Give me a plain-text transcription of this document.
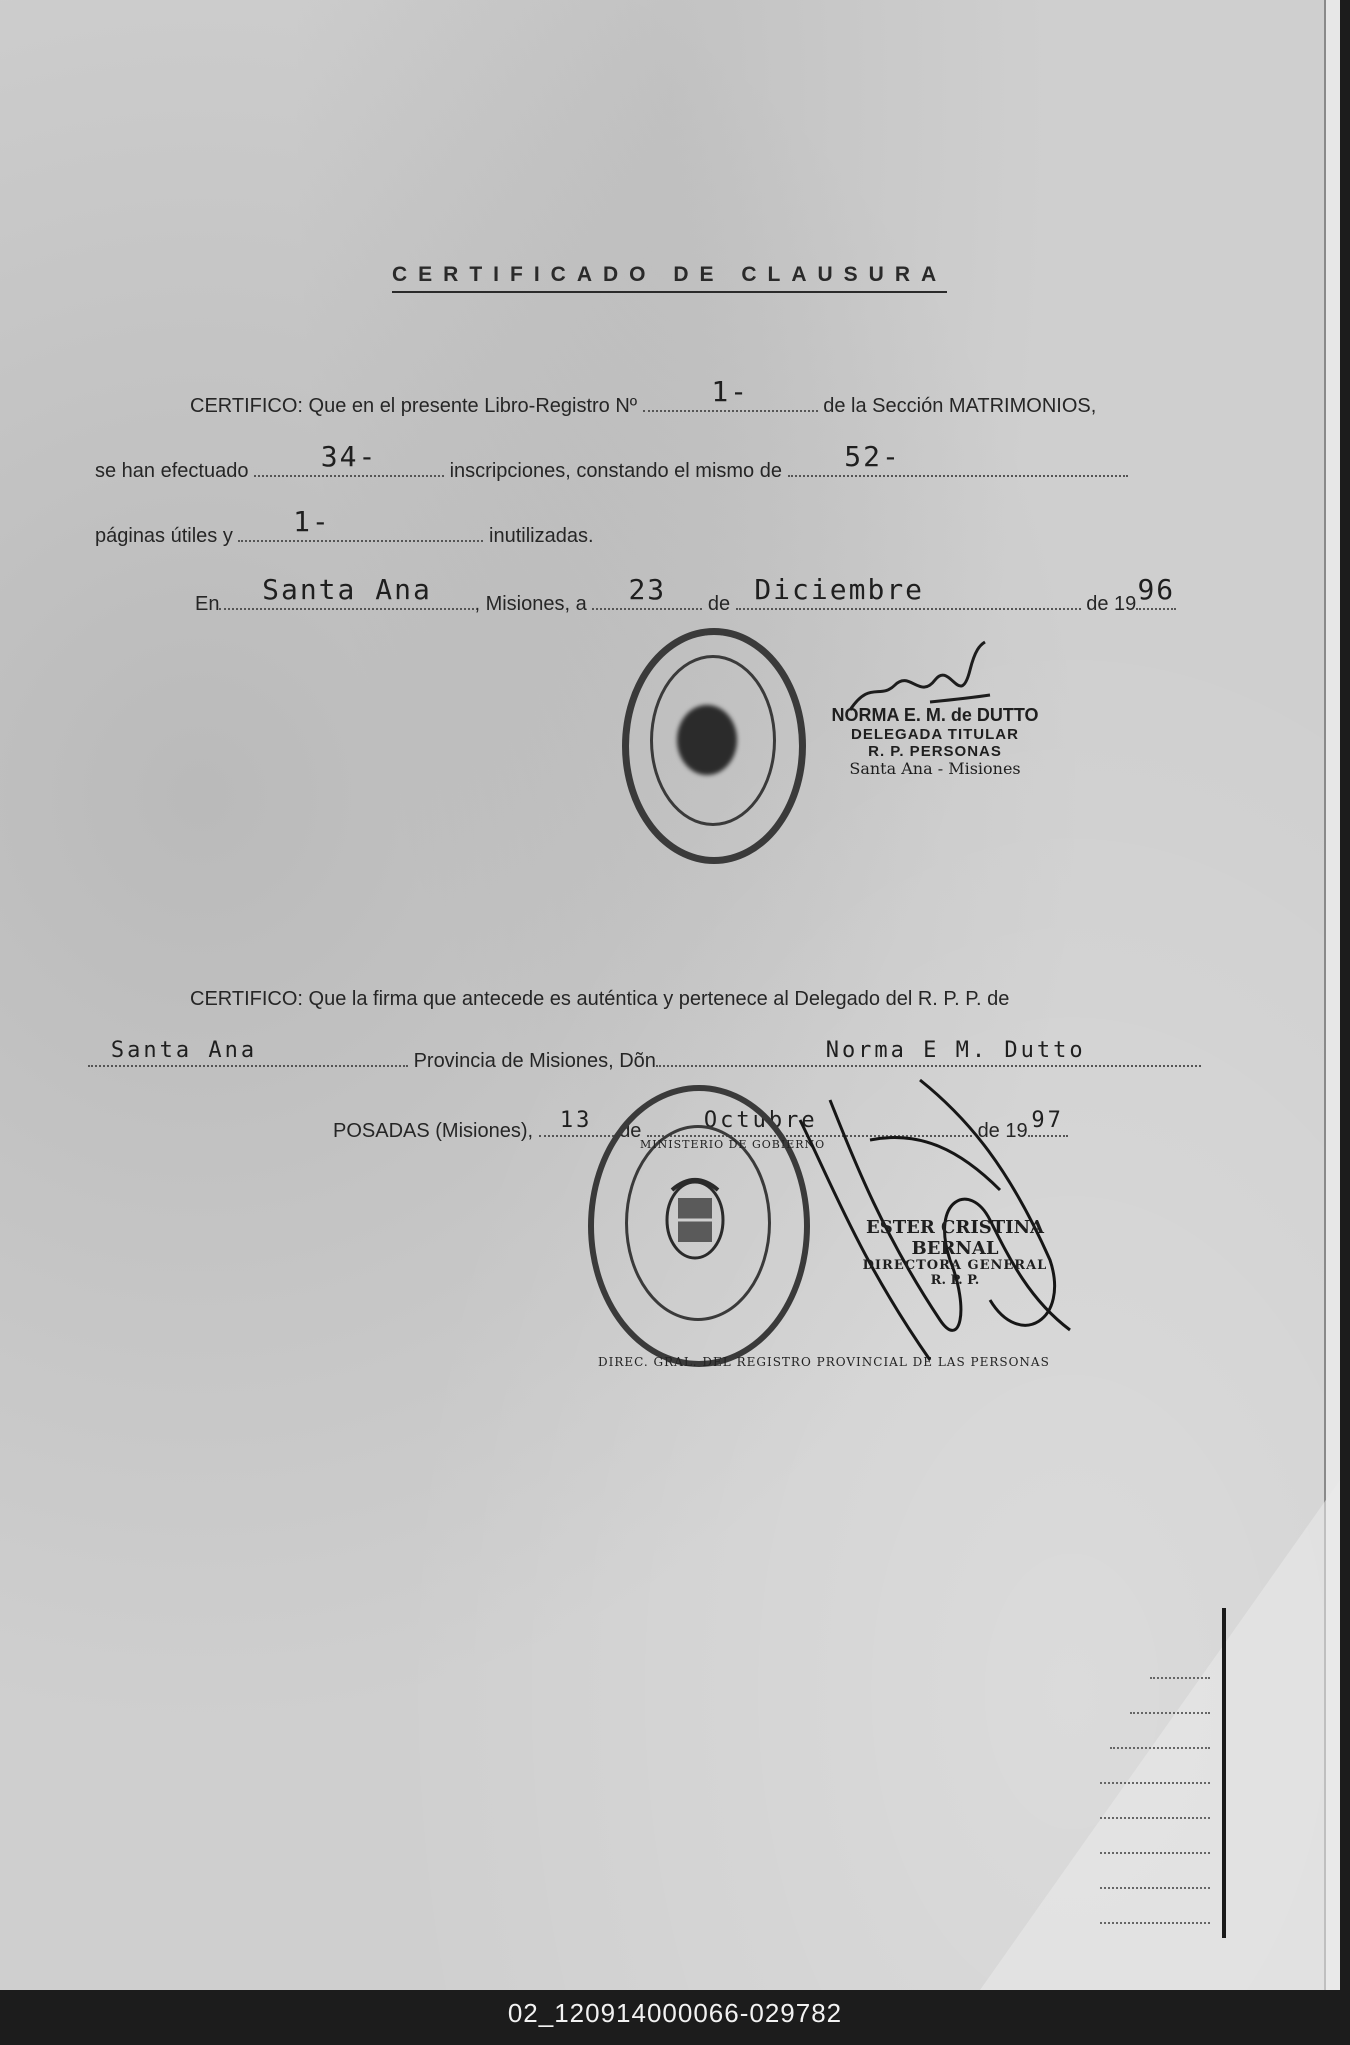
CERTIFICADO DE CLAUSURA
CERTIFICO: Que en el presente Libro-Registro Nº	1-	de la Sección MATRIMONIOS,
se han efectuado	34-	inscripciones, constando el mismo de 52-
páginas útiles y 1-	inutilizadas.
En Santa Ana , Misiones, a 23 de Diciembre	de 19 96
NORMA E. M. de DUTTO
DELEGADA TITULAR
R. P. PERSONAS
Santa Ana - Misiones
CERTIFICO: Que la firma que antecede es auténtica y pertenece al Delegado del R. P. P. de
Santa Ana	Provincia de Misiones, Dõn	Norma E M. Dutto
POSADAS (Misiones), 13 de	Octubre	de 19 97
DIREC. GRAL. DEL REGISTRO PROVINCIAL DE LAS PERSONAS
MINISTERIO DE GOBIERNO
ESTER CRISTINA BERNAL
DIRECTORA GENERAL
R. P. P.
02_120914000066-029782
